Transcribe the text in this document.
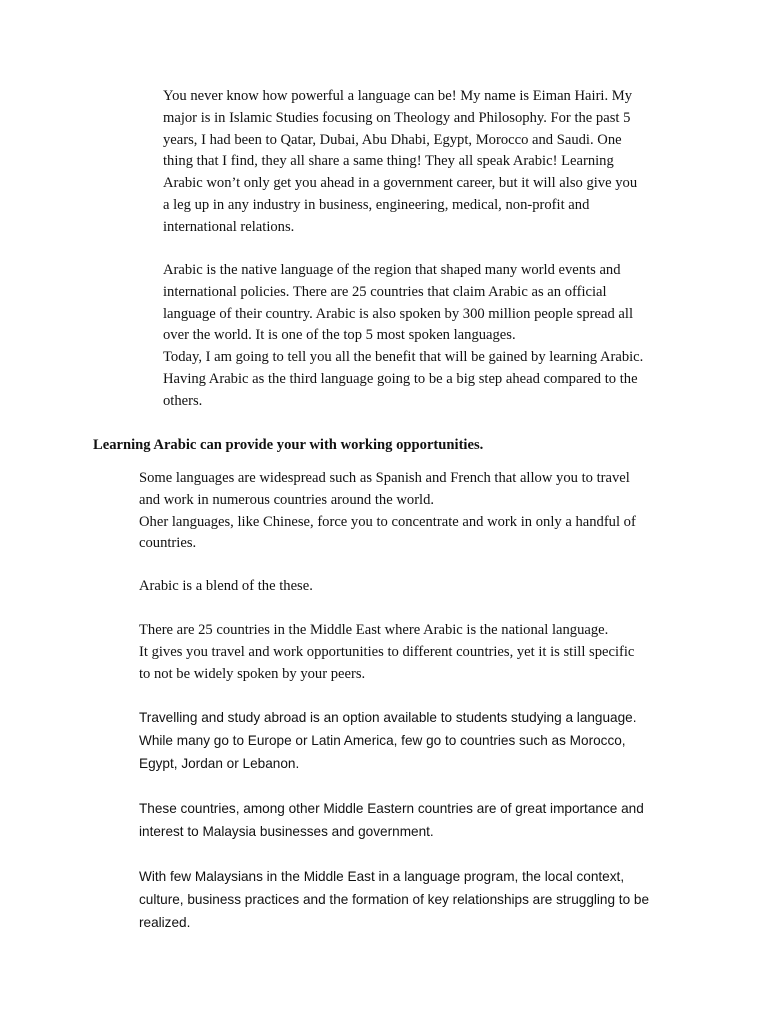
You never know how powerful a language can be! My name is Eiman Hairi. My
major is in Islamic Studies focusing on Theology and Philosophy. For the past 5
years, I had been to Qatar, Dubai, Abu Dhabi, Egypt, Morocco and Saudi. One
thing that I find, they all share a same thing! They all speak Arabic! Learning
Arabic won’t only get you ahead in a government career, but it will also give you
a leg up in any industry in business, engineering, medical, non-profit and
international relations.
Arabic is the native language of the region that shaped many world events and
international policies. There are 25 countries that claim Arabic as an official
language of their country. Arabic is also spoken by 300 million people spread all
over the world. It is one of the top 5 most spoken languages.
Today, I am going to tell you all the benefit that will be gained by learning Arabic.
Having Arabic as the third language going to be a big step ahead compared to the
others.
Learning Arabic can provide your with working opportunities.
Some languages are widespread such as Spanish and French that allow you to travel
and work in numerous countries around the world.
Oher languages, like Chinese, force you to concentrate and work in only a handful of
countries.
Arabic is a blend of the these.
There are 25 countries in the Middle East where Arabic is the national language.
It gives you travel and work opportunities to different countries, yet it is still specific
to not be widely spoken by your peers.
Travelling and study abroad is an option available to students studying a language.
While many go to Europe or Latin America, few go to countries such as Morocco,
Egypt, Jordan or Lebanon.
These countries, among other Middle Eastern countries are of great importance and
interest to Malaysia businesses and government.
With few Malaysians in the Middle East in a language program, the local context,
culture, business practices and the formation of key relationships are struggling to be
realized.
